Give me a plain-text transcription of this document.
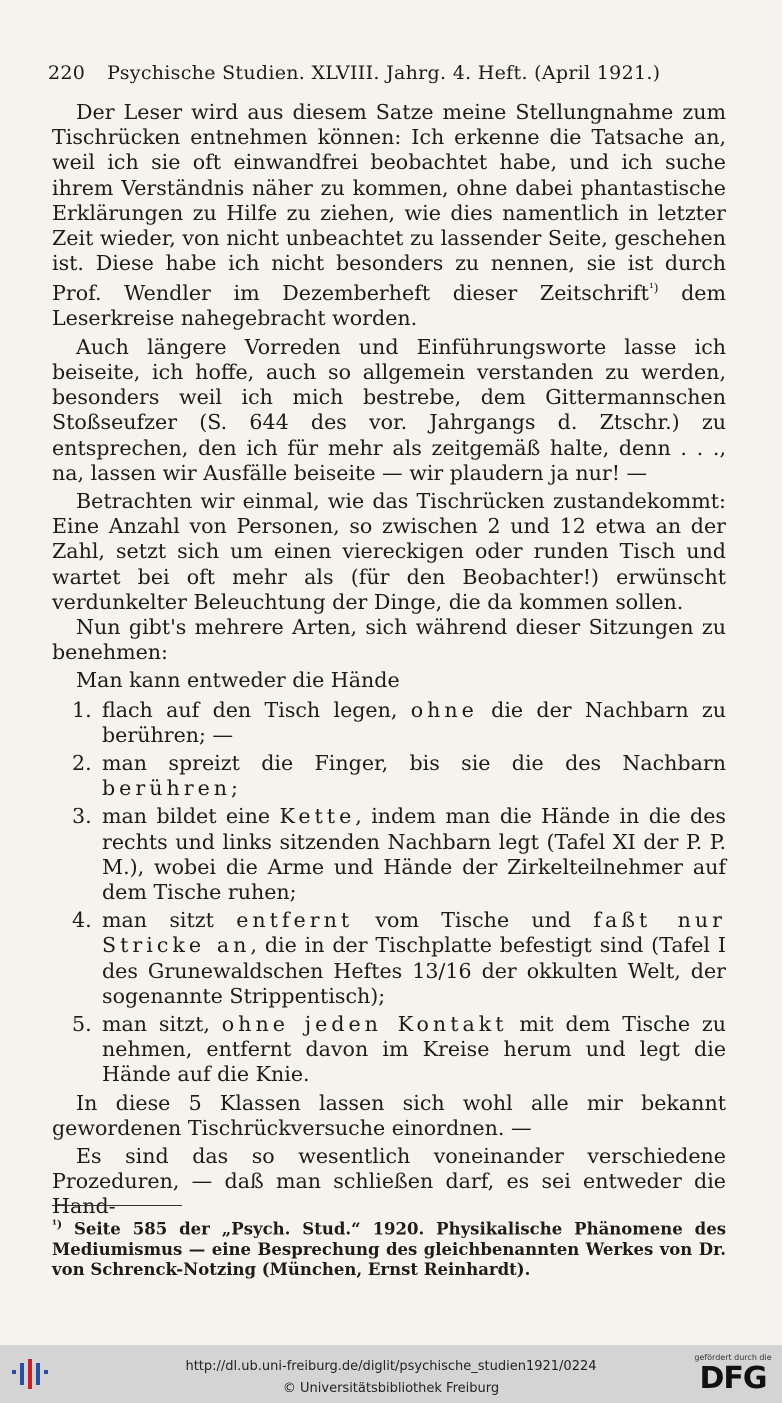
220 Psychische Studien. XLVIII. Jahrg. 4. Heft. (April 1921.)

Der Leser wird aus diesem Satze meine Stellungnahme zum Tischrücken entnehmen können: Ich erkenne die Tatsache an, weil ich sie oft einwandfrei beobachtet habe, und ich suche ihrem Verständnis näher zu kommen, ohne dabei phantastische Erklärungen zu Hilfe zu ziehen, wie dies namentlich in letzter Zeit wieder, von nicht unbeachtet zu lassender Seite, geschehen ist. Diese habe ich nicht besonders zu nennen, sie ist durch Prof. Wendler im Dezemberheft dieser Zeitschrift$^{^1)}$ dem Leserkreise nahegebracht worden.

Auch längere Vorreden und Einführungsworte lasse ich beiseite, ich hoffe, auch so allgemein verstanden zu werden, besonders weil ich mich bestrebe, dem Gittermannschen Stoßseufzer (S. 644 des vor. Jahrgangs d. Ztschr.) zu entsprechen, den ich für mehr als zeitgemäß halte, denn . . ., na, lassen wir Ausfälle beiseite — wir plaudern ja nur! —

Betrachten wir einmal, wie das Tischrücken zustandekommt: Eine Anzahl von Personen, so zwischen 2 und 12 etwa an der Zahl, setzt sich um einen viereckigen oder runden Tisch und wartet bei oft mehr als (für den Beobachter!) erwünscht verdunkelter Beleuchtung der Dinge, die da kommen sollen.

Nun gibt's mehrere Arten, sich während dieser Sitzungen zu benehmen:

Man kann entweder die Hände

1. flach auf den Tisch legen, ohne die der Nachbarn zu berühren; —
2. man spreizt die Finger, bis sie die des Nachbarn berühren;
3. man bildet eine Kette, indem man die Hände in die des rechts und links sitzenden Nachbarn legt (Tafel XI der P. P. M.), wobei die Arme und Hände der Zirkelteilnehmer auf dem Tische ruhen;
4. man sitzt entfernt vom Tische und faßt nur Stricke an, die in der Tischplatte befestigt sind (Tafel I des Grunewaldschen Heftes 13/16 der okkulten Welt, der sogenannte Strippentisch);
5. man sitzt, ohne jeden Kontakt mit dem Tische zu nehmen, entfernt davon im Kreise herum und legt die Hände auf die Knie.

In diese 5 Klassen lassen sich wohl alle mir bekannt gewordenen Tischrückversuche einordnen. —

Es sind das so wesentlich voneinander verschiedene Prozeduren, — daß man schließen darf, es sei entweder die Hand-

$^{^1)}$ Seite 585 der „Psych. Stud.“ 1920. Physikalische Phänomene des Mediumismus — eine Besprechung des gleichbenannten Werkes von Dr. von Schrenck-Notzing (München, Ernst Reinhardt).
http://dl.ub.uni-freiburg.de/diglit/psychische_studien1921/0224
© Universitätsbibliothek Freiburg
gefördert durch die
DFG
